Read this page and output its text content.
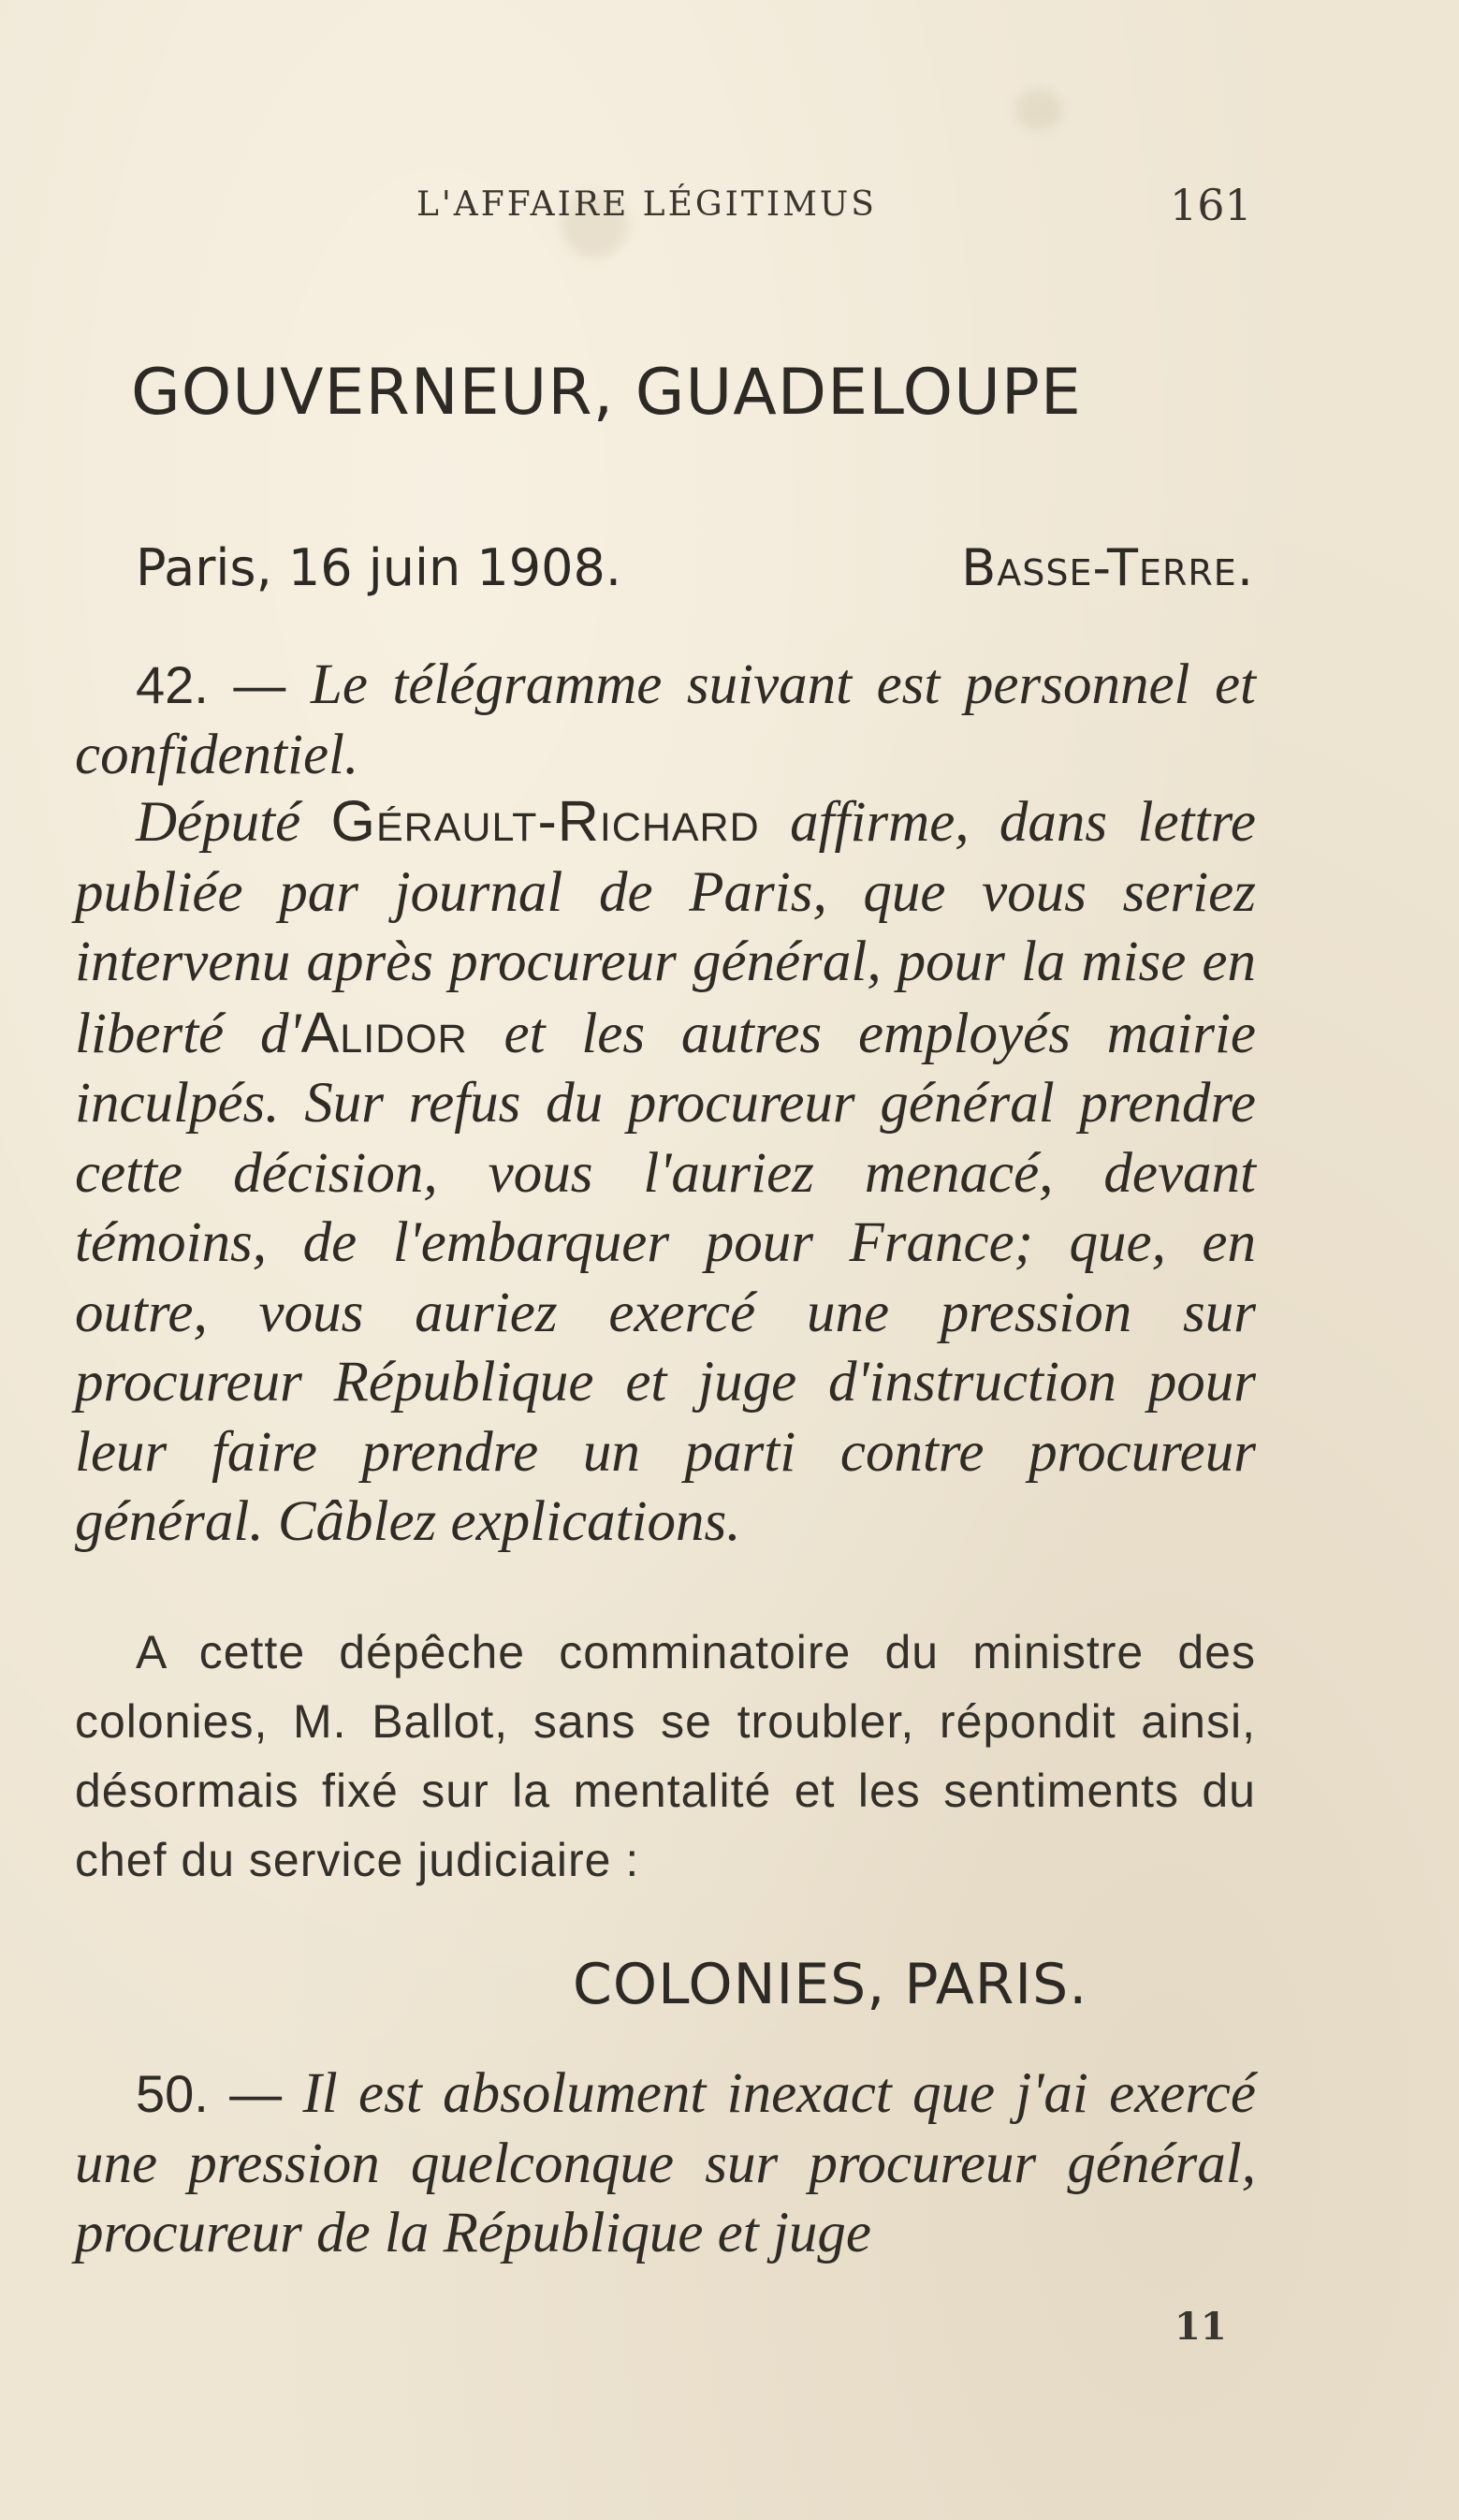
L'AFFAIRE LÉGITIMUS	161
GOUVERNEUR, GUADELOUPE
Paris, 16 juin 1908.	Basse-Terre.
42. — Le télégramme suivant est personnel et confidentiel.
Député Gérault-Richard affirme, dans lettre publiée par journal de Paris, que vous seriez intervenu après procureur général, pour la mise en liberté d'Alidor et les autres employés mairie inculpés. Sur refus du procureur général prendre cette décision, vous l'auriez menacé, devant témoins, de l'embarquer pour France; que, en outre, vous auriez exercé une pression sur procureur République et juge d'instruction pour leur faire prendre un parti contre procureur général. Câblez explications.
A cette dépêche comminatoire du ministre des colonies, M. Ballot, sans se troubler, répondit ainsi, désormais fixé sur la mentalité et les sentiments du chef du service judiciaire :
COLONIES, PARIS.
50. — Il est absolument inexact que j'ai exercé une pression quelconque sur procureur général, procureur de la République et juge
11
